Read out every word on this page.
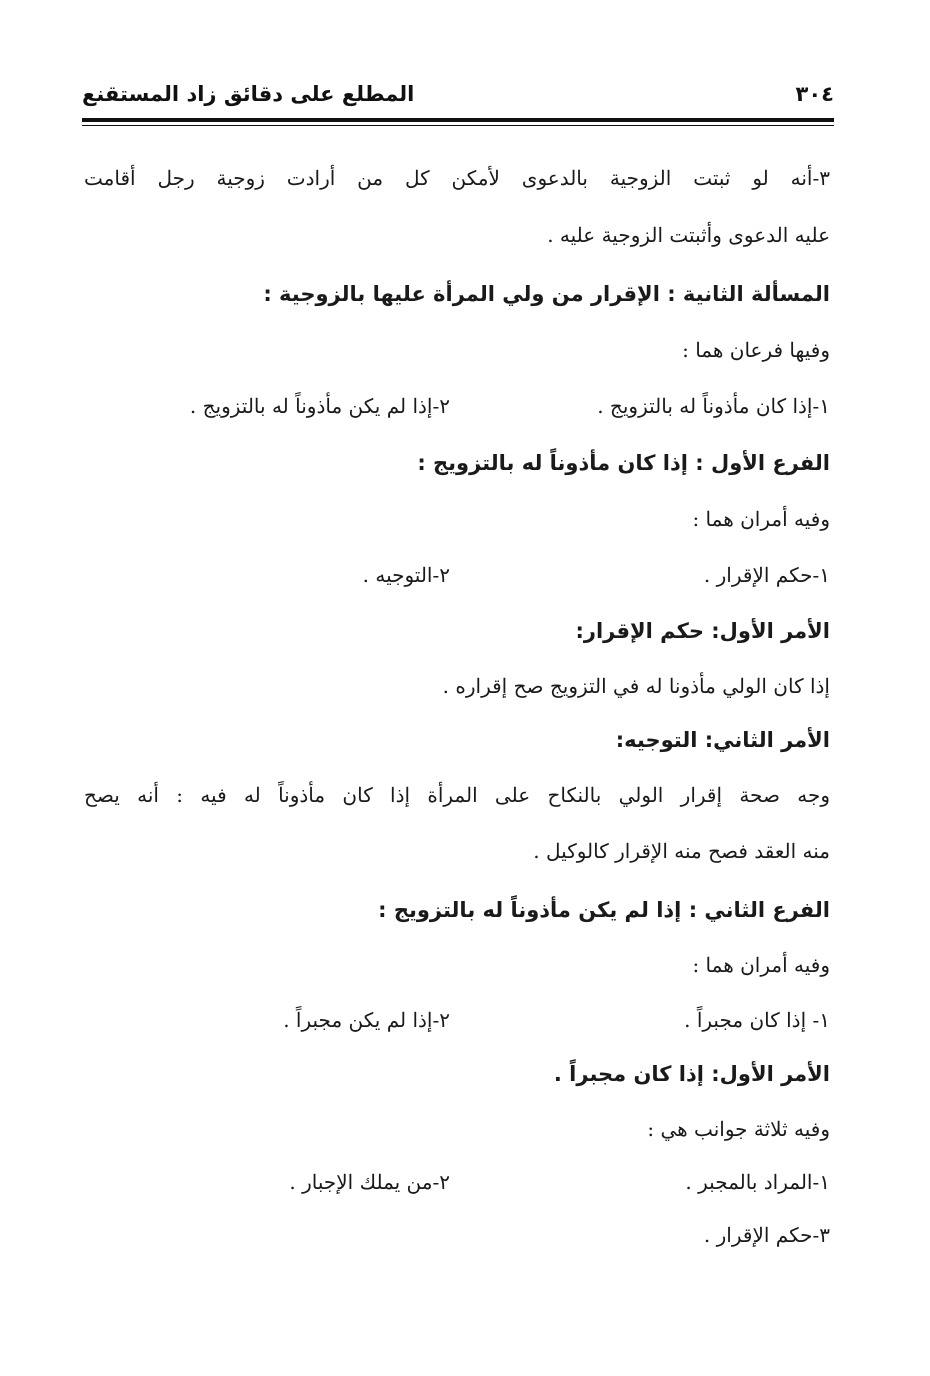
٣٠٤
المطلع على دقائق زاد المستقنع
٣-أنه لو ثبتت الزوجية بالدعوى لأمكن كل من أرادت زوجية رجل أقامت
عليه الدعوى وأثبتت الزوجية عليه .
المسألة الثانية : الإقرار من ولي المرأة عليها بالزوجية :
وفيها فرعان هما :
١-إذا كان مأذوناً له بالتزويج .
٢-إذا لم يكن مأذوناً له بالتزويج .
الفرع الأول : إذا كان مأذوناً له بالتزويج :
وفيه أمران هما :
١-حكم الإقرار .
٢-التوجيه .
الأمر الأول: حكم الإقرار:
إذا كان الولي مأذونا له في التزويج صح إقراره .
الأمر الثاني: التوجيه:
وجه صحة إقرار الولي بالنكاح على المرأة إذا كان مأذوناً له فيه : أنه يصح
منه العقد فصح منه الإقرار كالوكيل .
الفرع الثاني : إذا لم يكن مأذوناً له بالتزويج :
وفيه أمران هما :
١- إذا كان مجبراً .
٢-إذا لم يكن مجبراً .
الأمر الأول: إذا كان مجبراً .
وفيه ثلاثة جوانب هي :
١-المراد بالمجبر .
٢-من يملك الإجبار .
٣-حكم الإقرار .
